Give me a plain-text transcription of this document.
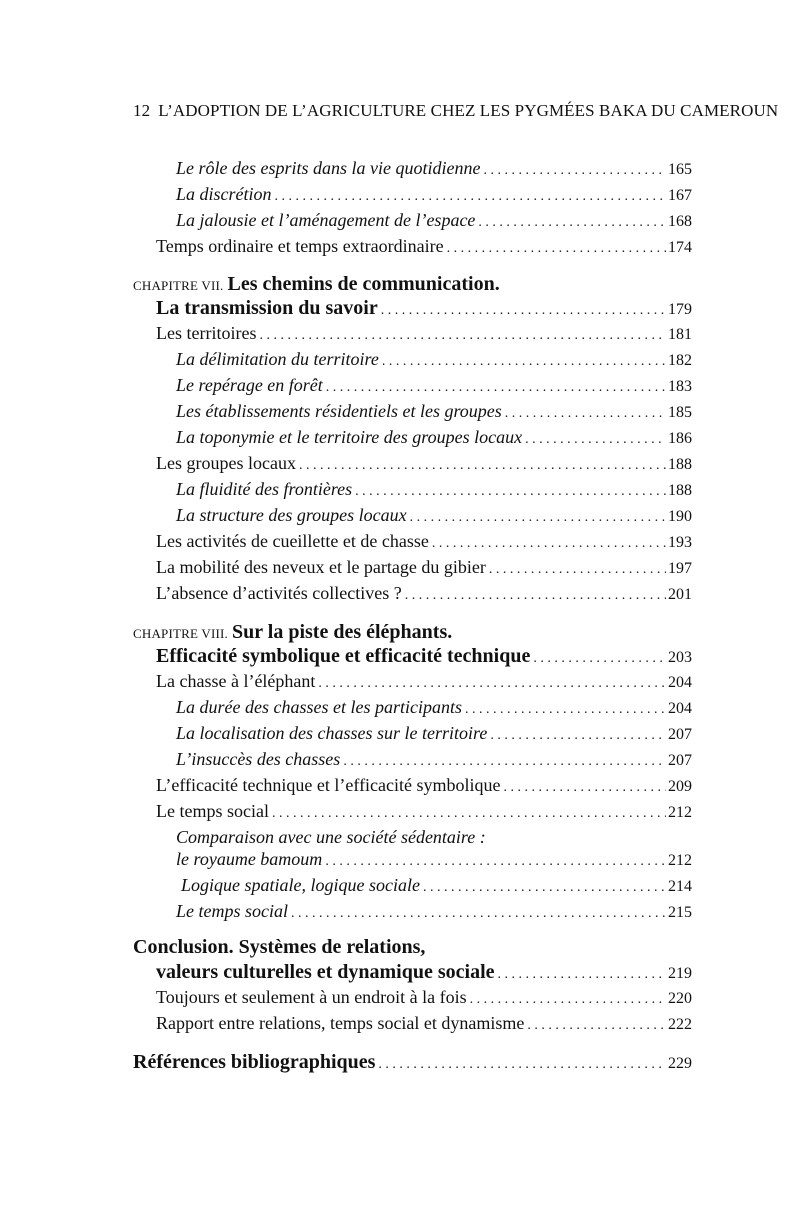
12 L’ADOPTION DE L’AGRICULTURE CHEZ LES PYGMÉES BAKA DU CAMEROUN
Le rôle des esprits dans la vie quotidienne . . .	165
La discrétion . . .	167
La jalousie et l’aménagement de l’espace . . .	168
Temps ordinaire et temps extraordinaire . . .	174
CHAPITRE VII. Les chemins de communication.
La transmission du savoir . . .	179
Les territoires . . .	181
La délimitation du territoire . . .	182
Le repérage en forêt . . .	183
Les établissements résidentiels et les groupes . . .	185
La toponymie et le territoire des groupes locaux . . .	186
Les groupes locaux . . .	188
La fluidité des frontières . . .	188
La structure des groupes locaux . . .	190
Les activités de cueillette et de chasse . . .	193
La mobilité des neveux et le partage du gibier . . .	197
L’absence d’activités collectives ? . . .	201
CHAPITRE VIII. Sur la piste des éléphants.
Efficacité symbolique et efficacité technique . . .	203
La chasse à l’éléphant . . .	204
La durée des chasses et les participants . . .	204
La localisation des chasses sur le territoire . . .	207
L’insuccès des chasses . . .	207
L’efficacité technique et l’efficacité symbolique . . .	209
Le temps social . . .	212
Comparaison avec une société sédentaire :
le royaume bamoum . . .	212
Logique spatiale, logique sociale . . .	214
Le temps social . . .	215
Conclusion. Systèmes de relations,
valeurs culturelles et dynamique sociale . . .	219
Toujours et seulement à un endroit à la fois . . .	220
Rapport entre relations, temps social et dynamisme . . .	222
Références bibliographiques . . .	229
